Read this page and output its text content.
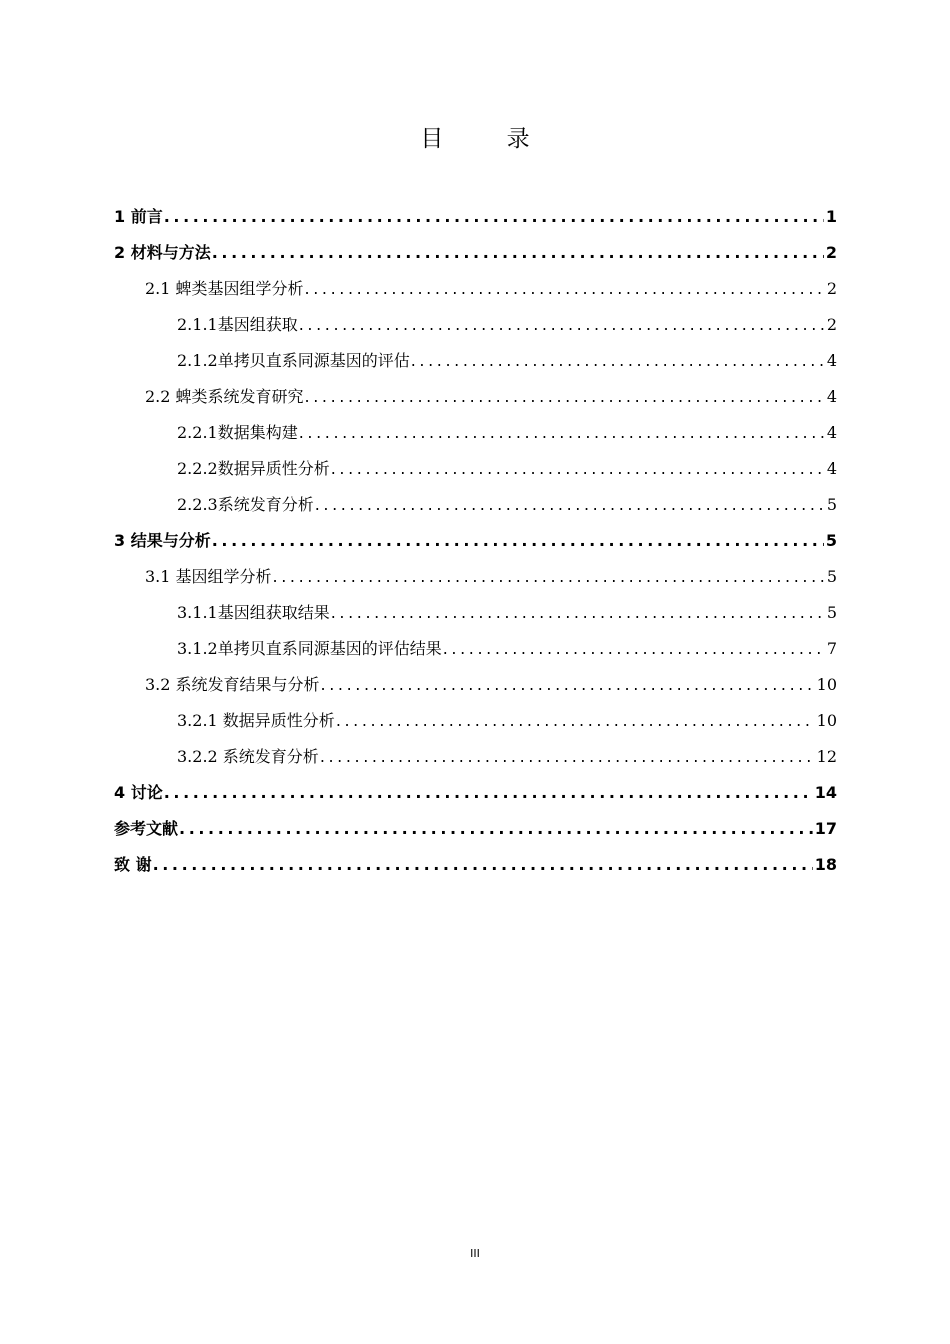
目 录
1 前言 .....	1
2 材料与方法 .....	2
2.1 蜱类基因组学分析 .....	2
2.1.1基因组获取 .....	2
2.1.2单拷贝直系同源基因的评估 .....	4
2.2 蜱类系统发育研究 .....	4
2.2.1数据集构建 .....	4
2.2.2数据异质性分析 .....	4
2.2.3系统发育分析 .....	5
3 结果与分析 .....	5
3.1 基因组学分析 .....	5
3.1.1基因组获取结果 .....	5
3.1.2单拷贝直系同源基因的评估结果 .....	7
3.2 系统发育结果与分析 .....	10
3.2.1 数据异质性分析 .....	10
3.2.2 系统发育分析 .....	12
4 讨论 .....	14
参考文献 .....	17
致 谢 .....	18
III
